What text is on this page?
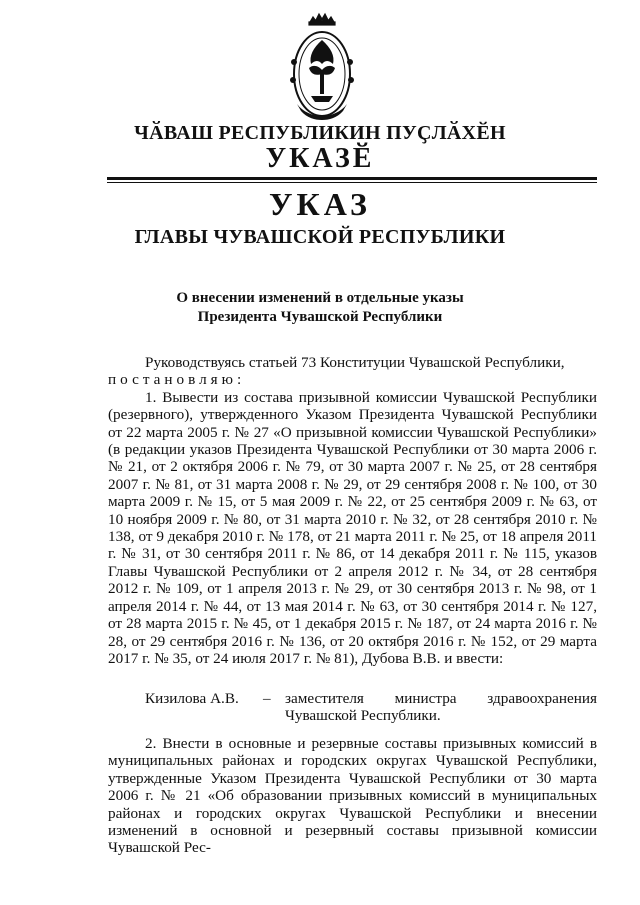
ЧӐВАШ РЕСПУБЛИКИН ПУҪЛӐХӖН
УКАЗӖ
УКАЗ
ГЛАВЫ ЧУВАШСКОЙ РЕСПУБЛИКИ
О внесении изменений в отдельные указы
Президента Чувашской Республики

Руководствуясь статьей 73 Конституции Чувашской Республики,

постановляю:

1. Вывести из состава призывной комиссии Чувашской Республики (резервного), утвержденного Указом Президента Чувашской Республики от 22 марта 2005 г. № 27 «О призывной комиссии Чувашской Республики» (в редакции указов Президента Чувашской Республики от 30 марта 2006 г. № 21, от 2 октября 2006 г. № 79, от 30 марта 2007 г. № 25, от 28 сентября 2007 г. № 81, от 31 марта 2008 г. № 29, от 29 сентября 2008 г. № 100, от 30 марта 2009 г. № 15, от 5 мая 2009 г. № 22, от 25 сентября 2009 г. № 63, от 10 ноября 2009 г. № 80, от 31 марта 2010 г. № 32, от 28 сентября 2010 г. № 138, от 9 декабря 2010 г. № 178, от 21 марта 2011 г. № 25, от 18 апреля 2011 г. № 31, от 30 сентября 2011 г. № 86, от 14 декабря 2011 г. № 115, указов Главы Чувашской Республики от 2 апреля 2012 г. № 34, от 28 сентября 2012 г. № 109, от 1 апреля 2013 г. № 29, от 30 сентября 2013 г. № 98, от 1 апреля 2014 г. № 44, от 13 мая 2014 г. № 63, от 30 сентября 2014 г. № 127, от 28 марта 2015 г. № 45, от 1 декабря 2015 г. № 187, от 24 марта 2016 г. № 28, от 29 сентября 2016 г. № 136, от 20 октября 2016 г. № 152, от 29 марта 2017 г. № 35, от 24 июля 2017 г. № 81), Дубова В.В. и ввести:

Кизилова А.В. – заместителя министра здравоохранения Чувашской Республики.

2. Внести в основные и резервные составы призывных комиссий в муниципальных районах и городских округах Чувашской Республики, утвержденные Указом Президента Чувашской Республики от 30 марта 2006 г. № 21 «Об образовании призывных комиссий в муниципальных районах и городских округах Чувашской Республики и внесении изменений в основной и резервный составы призывной комиссии Чувашской Рес-
